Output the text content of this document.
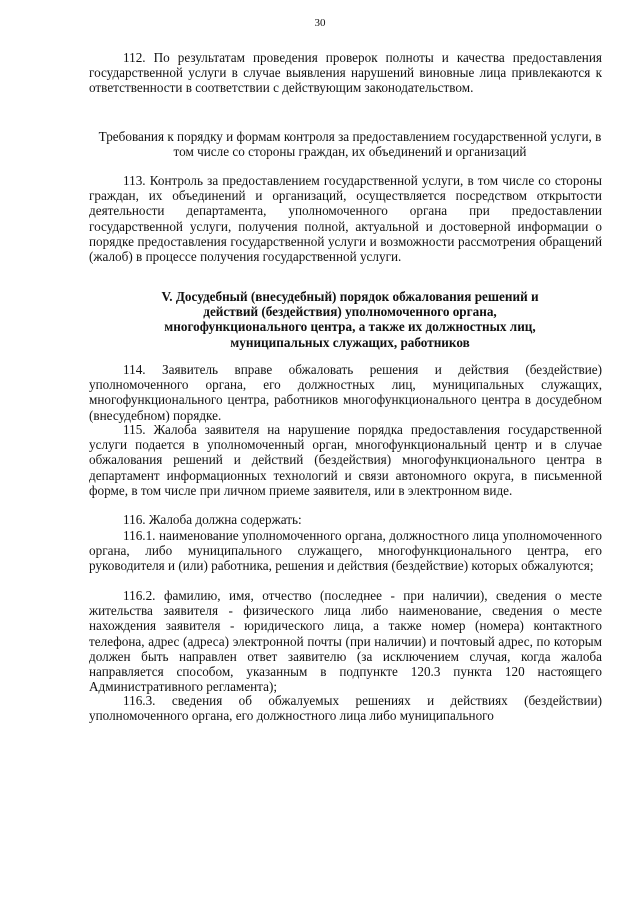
30

112. По результатам проведения проверок полноты и качества предоставления государственной услуги в случае выявления нарушений виновные лица привлекаются к ответственности в соответствии с действующим законодательством.

Требования к порядку и формам контроля за предоставлением государственной услуги, в том числе со стороны граждан, их объединений и организаций

113. Контроль за предоставлением государственной услуги, в том числе со стороны граждан, их объединений и организаций, осуществляется посредством открытости деятельности департамента, уполномоченного органа при предоставлении государственной услуги, получения полной, актуальной и достоверной информации о порядке предоставления государственной услуги и возможности рассмотрения обращений (жалоб) в процессе получения государственной услуги.

V. Досудебный (внесудебный) порядок обжалования решений и действий (бездействия) уполномоченного органа, многофункционального центра, а также их должностных лиц, муниципальных служащих, работников

114. Заявитель вправе обжаловать решения и действия (бездействие) уполномоченного органа, его должностных лиц, муниципальных служащих, многофункционального центра, работников многофункционального центра в досудебном (внесудебном) порядке.

115. Жалоба заявителя на нарушение порядка предоставления государственной услуги подается в уполномоченный орган, многофункциональный центр и в случае обжалования решений и действий (бездействия) многофункционального центра в департамент информационных технологий и связи автономного округа, в письменной форме, в том числе при личном приеме заявителя, или в электронном виде.

116. Жалоба должна содержать:

116.1. наименование уполномоченного органа, должностного лица уполномоченного органа, либо муниципального служащего, многофункционального центра, его руководителя и (или) работника, решения и действия (бездействие) которых обжалуются;

116.2. фамилию, имя, отчество (последнее - при наличии), сведения о месте жительства заявителя - физического лица либо наименование, сведения о месте нахождения заявителя - юридического лица, а также номер (номера) контактного телефона, адрес (адреса) электронной почты (при наличии) и почтовый адрес, по которым должен быть направлен ответ заявителю (за исключением случая, когда жалоба направляется способом, указанным в подпункте 120.3 пункта 120 настоящего Административного регламента);

116.3. сведения об обжалуемых решениях и действиях (бездействии) уполномоченного органа, его должностного лица либо муниципального
